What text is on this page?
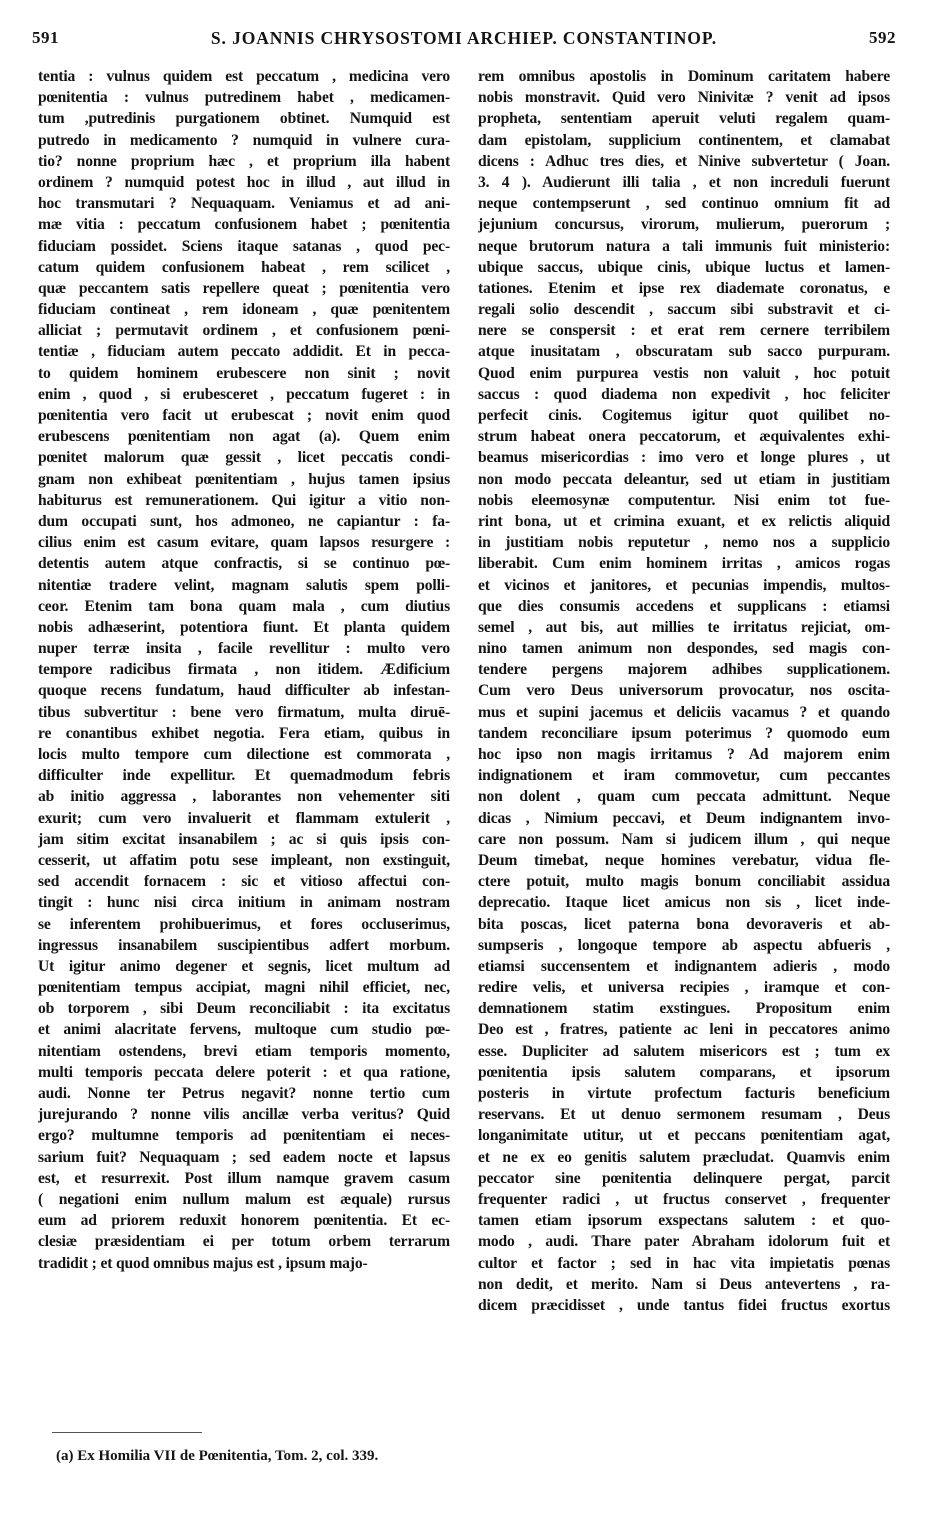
591	S. JOANNIS CHRYSOSTOMI ARCHIEP. CONSTANTINOP.	592
tentia : vulnus quidem est peccatum , medicina vero
pœnitentia : vulnus putredinem habet , medicamen-
tum ,putredinis purgationem obtinet. Numquid est
putredo in medicamento ? numquid in vulnere cura-
tio? nonne proprium hæc , et proprium illa habent
ordinem ? numquid potest hoc in illud , aut illud in
hoc transmutari ? Nequaquam. Veniamus et ad ani-
mæ vitia : peccatum confusionem habet ; pœnitentia
fiduciam possidet. Sciens itaque satanas , quod pec-
catum quidem confusionem habeat , rem scilicet ,
quæ peccantem satis repellere queat ; pœnitentia vero
fiduciam contineat , rem idoneam , quæ pœnitentem
alliciat ; permutavit ordinem , et confusionem pœni-
tentiæ , fiduciam autem peccato addidit. Et in pecca-
to quidem hominem erubescere non sinit ; novit
enim , quod , si erubesceret , peccatum fugeret : in
pœnitentia vero facit ut erubescat ; novit enim quod
erubescens pœnitentiam non agat (a). Quem enim
pœnitet malorum quæ gessit , licet peccatis condi-
gnam non exhibeat pœnitentiam , hujus tamen ipsius
habiturus est remunerationem. Qui igitur a vitio non-
dum occupati sunt, hos admoneo, ne capiantur : fa-
cilius enim est casum evitare, quam lapsos resurgere :
detentis autem atque confractis, si se continuo pœ-
nitentiæ tradere velint, magnam salutis spem polli-
ceor. Etenim tam bona quam mala , cum diutius
nobis adhæserint, potentiora fiunt. Et planta quidem
nuper terræ insita , facile revellitur : multo vero
tempore radicibus firmata , non itidem. Ædificium
quoque recens fundatum, haud difficulter ab infestan-
tibus subvertitur : bene vero firmatum, multa diruē-
re conantibus exhibet negotia. Fera etiam, quibus in
locis multo tempore cum dilectione est commorata ,
difficulter inde expellitur. Et quemadmodum febris
ab initio aggressa , laborantes non vehementer siti
exurit; cum vero invaluerit et flammam extulerit ,
jam sitim excitat insanabilem ; ac si quis ipsis con-
cesserit, ut affatim potu sese impleant, non exstinguit,
sed accendit fornacem : sic et vitioso affectui con-
tingit : hunc nisi circa initium in animam nostram
se inferentem prohibuerimus, et fores occluserimus,
ingressus insanabilem suscipientibus adfert morbum.
Ut igitur animo degener et segnis, licet multum ad
pœnitentiam tempus accipiat, magni nihil efficiet, nec,
ob torporem , sibi Deum reconciliabit : ita excitatus
et animi alacritate fervens, multoque cum studio pœ-
nitentiam ostendens, brevi etiam temporis momento,
multi temporis peccata delere poterit : et qua ratione,
audi. Nonne ter Petrus negavit? nonne tertio cum
jurejurando ? nonne vilis ancillæ verba veritus? Quid
ergo? multumne temporis ad pœnitentiam ei neces-
sarium fuit? Nequaquam ; sed eadem nocte et lapsus
est, et resurrexit. Post illum namque gravem casum
( negationi enim nullum malum est æquale) rursus
eum ad priorem reduxit honorem pœnitentia. Et ec-
clesiæ præsidentiam ei per totum orbem terrarum
tradidit ; et quod omnibus majus est , ipsum majo-
rem omnibus apostolis in Dominum caritatem habere
nobis monstravit. Quid vero Ninivitæ ? venit ad ipsos
propheta, sententiam aperuit veluti regalem quam-
dam epistolam, supplicium continentem, et clamabat
dicens : Adhuc tres dies, et Ninive subvertetur ( Joan.
3. 4 ). Audierunt illi talia , et non increduli fuerunt
neque contempserunt , sed continuo omnium fit ad
jejunium concursus, virorum, mulierum, puerorum ;
neque brutorum natura a tali immunis fuit ministerio:
ubique saccus, ubique cinis, ubique luctus et lamen-
tationes. Etenim et ipse rex diademate coronatus, e
regali solio descendit , saccum sibi substravit et ci-
nere se conspersit : et erat rem cernere terribilem
atque inusitatam , obscuratam sub sacco purpuram.
Quod enim purpurea vestis non valuit , hoc potuit
saccus : quod diadema non expedivit , hoc feliciter
perfecit cinis. Cogitemus igitur quot quilibet no-
strum habeat onera peccatorum, et æquivalentes exhi-
beamus misericordias : imo vero et longe plures , ut
non modo peccata deleantur, sed ut etiam in justitiam
nobis eleemosynæ computentur. Nisi enim tot fue-
rint bona, ut et crimina exuant, et ex relictis aliquid
in justitiam nobis reputetur , nemo nos a supplicio
liberabit. Cum enim hominem irritas , amicos rogas
et vicinos et janitores, et pecunias impendis, multos-
que dies consumis accedens et supplicans : etiamsi
semel , aut bis, aut millies te irritatus rejiciat, om-
nino tamen animum non despondes, sed magis con-
tendere pergens majorem adhibes supplicationem.
Cum vero Deus universorum provocatur, nos oscita-
mus et supini jacemus et deliciis vacamus ? et quando
tandem reconciliare ipsum poterimus ? quomodo eum
hoc ipso non magis irritamus ? Ad majorem enim
indignationem et iram commovetur, cum peccantes
non dolent , quam cum peccata admittunt. Neque
dicas , Nimium peccavi, et Deum indignantem invo-
care non possum. Nam si judicem illum , qui neque
Deum timebat, neque homines verebatur, vidua fle-
ctere potuit, multo magis bonum conciliabit assidua
deprecatio. Itaque licet amicus non sis , licet inde-
bita poscas, licet paterna bona devoraveris et ab-
sumpseris , longoque tempore ab aspectu abfueris ,
etiamsi succensentem et indignantem adieris , modo
redire velis, et universa recipies , iramque et con-
demnationem statim exstingues. Propositum enim
Deo est , fratres, patiente ac leni in peccatores animo
esse. Dupliciter ad salutem misericors est ; tum ex
pœnitentia ipsis salutem comparans, et ipsorum
posteris in virtute profectum facturis beneficium
reservans. Et ut denuo sermonem resumam , Deus
longanimitate utitur, ut et peccans pœnitentiam agat,
et ne ex eo genitis salutem præcludat. Quamvis enim
peccator sine pœnitentia delinquere pergat, parcit
frequenter radici , ut fructus conservet , frequenter
tamen etiam ipsorum exspectans salutem : et quo-
modo , audi. Thare pater Abraham idolorum fuit et
cultor et factor ; sed in hac vita impietatis pœnas
non dedit, et merito. Nam si Deus antevertens , ra-
dicem præcidisset , unde tantus fidei fructus exortus
(a) Ex Homilia VII de Pœnitentia, Tom. 2, col. 339.
